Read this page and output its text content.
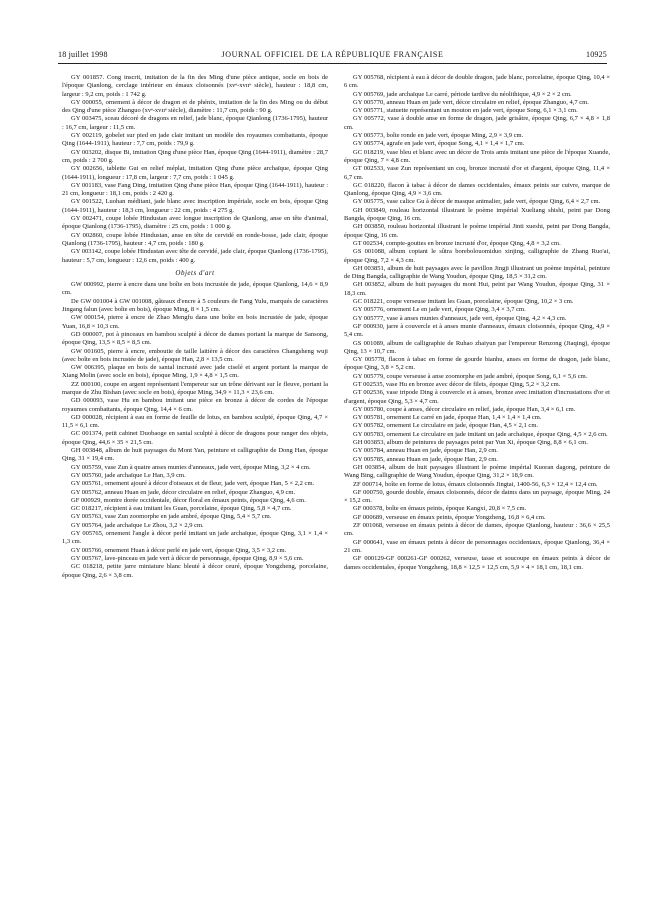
18 juillet 1998	JOURNAL OFFICIEL DE LA RÉPUBLIQUE FRANÇAISE	10925

GY 001857. Cong inscrit, imitation de la fin des Ming d'une pièce antique, socle en bois de l'époque Qianlong, cerclage intérieur en émaux cloisonnés (xvᵉ-xvɪɪᵉ siècle), hauteur : 18,8 cm, largeur : 9,2 cm, poids : 1 742 g.

GY 000055, ornement à décor de dragon et de phénix, imitation de la fin des Ming ou du début des Qing d'une pièce Zhanguo (xvᵉ-xvɪɪᵉ siècle), diamètre : 11,7 cm, poids : 90 g.

GY 003475, sceau décoré de dragons en relief, jade blanc, époque Qianlong (1736-1795), hauteur : 16,7 cm, largeur : 11,5 cm.

GY 002119, gobelet sur pied en jade clair imitant un modèle des royaumes combattants, époque Qing (1644-1911), hauteur : 7,7 cm, poids : 79,9 g.

GY 003202, disque Bi, imitation Qing d'une pièce Han, époque Qing (1644-1911), diamètre : 28,7 cm, poids : 2 700 g.

GY 002656, tablette Gui en relief méplat, imitation Qing d'une pièce archaïque, époque Qing (1644-1911), longueur : 17,8 cm, largeur : 7,7 cm, poids : 1 045 g.

GY 001183, vase Fang Ding, imitation Qing d'une pièce Han, époque Qing (1644-1911), hauteur : 21 cm, longueur : 18,1 cm, poids : 2 420 g.

GY 001522, Luohan méditant, jade blanc avec inscription impériale, socle en bois, époque Qing (1644-1911), hauteur : 18,3 cm, longueur : 22 cm, poids : 4 275 g.

GY 002471, coupe lobée Hindustan avec longue inscription de Qianlong, anse en tête d'animal, époque Qianlong (1736-1795), diamètre : 25 cm, poids : 1 000 g.

GY 002860, coupe lobée Hindustan, anse en tête de cervidé en ronde-bosse, jade clair, époque Qianlong (1736-1795), hauteur : 4,7 cm, poids : 180 g.

GY 003142, coupe lobée Hindustan avec tête de cervidé, jade clair, époque Qianlong (1736-1795), hauteur : 5,7 cm, longueur : 12,6 cm, poids : 400 g.

Objets d'art

GW 000992, pierre à encre dans une boîte en bois incrustée de jade, époque Qianlong, 14,6 × 8,9 cm.

De GW 001004 à GW 001008, gâteaux d'encre à 5 couleurs de Fang Yulu, marqués de caractères Jingang falun (avec boîte en bois), époque Ming, 8 × 1,5 cm.

GW 000154, pierre à encre de Zhao Mengfu dans une boîte en bois incrustée de jade, époque Yuan, 16,8 × 10,3 cm.

GD 000007, pot à pinceaux en bambou sculpté à décor de dames portant la marque de Sansong, époque Qing, 13,5 × 8,5 × 8,5 cm.

GW 001605, pierre à encre, emboutie de taille laitière à décor des caractères Changsheng wuji (avec boîte en bois incrustée de jade), époque Han, 2,8 × 13,5 cm.

GW 006395, plaque en bois de santal incrusté avec jade ciselé et argent portant la marque de Xiang Molin (avec socle en bois), époque Ming, 1,9 × 4,8 × 1,5 cm.

ZZ 000100, coupe en argent représentant l'empereur sur un trône dérivant sur le fleuve, portant la marque de Zhu Bishan (avec socle en bois), époque Ming, 34,9 × 11,3 × 23,6 cm.

GD 000093, vase Hu en bambou imitant une pièce en bronze à décor de cordes de l'époque royaumes combattants, époque Qing, 14,4 × 6 cm.

GD 000028, récipient à eau en forme de feuille de lotus, en bambou sculpté, époque Qing, 4,7 × 11,5 × 6,1 cm.

GC 001374, petit cabinet Duobaoge en santal sculpté à décor de dragons pour ranger des objets, époque Qing, 44,6 × 35 × 21,5 cm.

GH 003848, album de huit paysages du Mont Yan, peinture et calligraphie de Dong Han, époque Qing, 31 × 19,4 cm.

GY 005759, vase Zun à quatre anses munies d'anneaux, jade vert, époque Ming, 3,2 × 4 cm.

GY 005760, jade archaïque Le Han, 3,9 cm.

GY 005761, ornement ajouré à décor d'oiseaux et de fleur, jade vert, époque Han, 5 × 2,2 cm.

GY 005762, anneau Huan en jade, décor circulaire en relief, époque Zhanguo, 4,9 cm.

GF 000929, montre dorée occidentale, décor floral en émaux peints, époque Qing, 4,6 cm.

GC 018217, récipient à eau imitant les Guan, porcelaine, époque Qing, 5,8 × 4,7 cm.

GY 005763, vase Zun zoomorphe en jade ambré, époque Qing, 5,4 × 5,7 cm.

GY 005764, jade archaïque Le Zhou, 3,2 × 2,9 cm.

GY 005765, ornement l'angle à décor perlé imitant un jade archaïque, époque Qing, 3,1 × 1,4 × 1,3 cm.

GY 005766, ornement Huan à décor perlé en jade vert, époque Qing, 3,5 × 3,2 cm.

GY 005767, lave-pinceau en jade vert à décor de personnage, époque Qing, 8,9 × 5,6 cm.

GC 018218, petite jarre miniature blanc bleuté à décor ceuré, époque Yongzheng, porcelaine, époque Qing, 2,6 × 3,8 cm.

GY 005768, récipient à eau à décor de double dragon, jade blanc, porcelaine, époque Qing, 10,4 × 6 cm.

GY 005769, jade archaïque Le carré, période tardive du néolithique, 4,9 × 2 × 2 cm.

GY 005770, anneau Huan en jade vert, décor circulaire en relief, époque Zhanguo, 4,7 cm.

GY 005771, statuette représentant un mouton en jade vert, époque Song, 6,1 × 3,1 cm.

GY 005772, vase à double anse en forme de dragon, jade grisâtre, époque Qing, 6,7 × 4,8 × 1,8 cm.

GY 005773, boîte ronde en jade vert, époque Ming, 2,9 × 3,9 cm.

GY 005774, agrafe en jade vert, époque Song, 4,1 × 1,4 × 1,7 cm.

GC 018219, vase bleu et blanc avec un décor de Trois amis imitant une pièce de l'époque Xuande, époque Qing, 7 × 4,8 cm.

GT 002533, vase Zun représentant un coq, bronze incrusté d'or et d'argent, époque Qing, 11,4 × 6,7 cm.

GC 018220, flacon à tabac à décor de dames occidentales, émaux peints sur cuivre, marque de Qianlong, époque Qing, 4,9 × 3,6 cm.

GY 005775, vase calice Gu à décor de masque animalier, jade vert, époque Qing, 6,4 × 2,7 cm.

GH 003849, rouleau horizontal illustrant le poème impérial Xueliang shishi, peint par Dong Bangda, époque Qing, 16 cm.

GH 003850, rouleau horizontal illustrant le poème impérial Jinti xueshi, peint par Dong Bangda, époque Qing, 16 cm.

GT 002534, compte-gouttes en bronze incrusté d'or, époque Qing, 4,8 × 3,2 cm.

GS 001088, album copiant le sûtra borebolouomiduo xinjing, calligraphie de Zhang Ruo'ai, époque Qing, 7,2 × 4,3 cm.

GH 003851, album de huit paysages avec le pavillon Jingji illustrant un poème impérial, peinture de Ding Bangda, calligraphie de Wang Youdun, époque Qing, 18,5 × 31,2 cm.

GH 003852, album de huit paysages du mont Hui, peint par Wang Youdun, époque Qing, 31 × 18,3 cm.

GC 018221, coupe verseuse imitant les Guan, porcelaine, époque Qing, 10,2 × 3 cm.

GY 005776, ornement Le en jade vert, époque Qing, 3,4 × 3,7 cm.

GY 005777, vase à anses munies d'anneaux, jade vert, époque Qing, 4,2 × 4,3 cm.

GF 000930, jarre à couvercle et à anses munie d'anneaux, émaux cloisonnés, époque Qing, 4,9 × 5,4 cm.

GS 001089, album de calligraphie de Ruhao zhaiyun par l'empereur Renzong (Jiaqing), époque Qing, 13 × 10,7 cm.

GY 005778, flacon à tabac en forme de gourde bianhu, anses en forme de dragon, jade blanc, époque Qing, 3,8 × 5,2 cm.

GY 005779, coupe verseuse à anse zoomorphe en jade ambré, époque Song, 6,1 × 5,6 cm.

GT 002535, vase Hu en bronze avec décor de filets, époque Qing, 5,2 × 3,2 cm.

GT 002536, vase tripode Ding à couvercle et à anses, bronze avec imitation d'incrustations d'or et d'argent, époque Qing, 5,3 × 4,7 cm.

GY 005780, coupe à anses, décor circulaire en relief, jade, époque Han, 3,4 × 6,1 cm.

GY 005781, ornement Le carré en jade, époque Han, 1,4 × 1,4 × 1,4 cm.

GY 005782, ornement Le circulaire en jade, époque Han, 4,5 × 2,1 cm.

GY 005783, ornement Le circulaire en jade imitant un jade archaïque, époque Qing, 4,5 × 2,6 cm.

GH 003853, album de peintures de paysages peint par Yun Xi, époque Qing, 8,8 × 6,1 cm.

GY 005784, anneau Huan en jade, époque Han, 2,9 cm.

GY 005785, anneau Huan en jade, époque Han, 2,9 cm.

GH 003854, album de huit paysages illustrant le poème impérial Kuoran dagong, peinture de Wang Bing, calligraphie de Wang Youdun, époque Qing, 31,2 × 18,9 cm.

ZF 000714, boîte en forme de lotus, émaux cloisonnés Jingtai, 1400-56, 6,3 × 12,4 × 12,4 cm.

GF 000750, gourde double, émaux cloisonnés, décor de daims dans un paysage, époque Ming, 24 × 15,2 cm.

GF 000378, boîte en émaux peints, époque Kangxi, 20,8 × 7,5 cm.

GF 000689, verseuse en émaux peints, époque Yongzheng, 16,8 × 6,4 cm.

ZF 001068, verseuse en émaux peints à décor de dames, époque Qianlong, hauteur : 36,6 × 25,5 cm.

GF 000641, vase en émaux peints à décor de personnages occidentaux, époque Qianlong, 36,4 × 21 cm.

GF 000129-GF 000261-GF 000262, verseuse, tasse et soucoupe en émaux peints à décor de dames occidentales, époque Yongzheng, 18,8 × 12,5 × 12,5 cm, 5,9 × 4 × 18,1 cm, 18,1 cm.
